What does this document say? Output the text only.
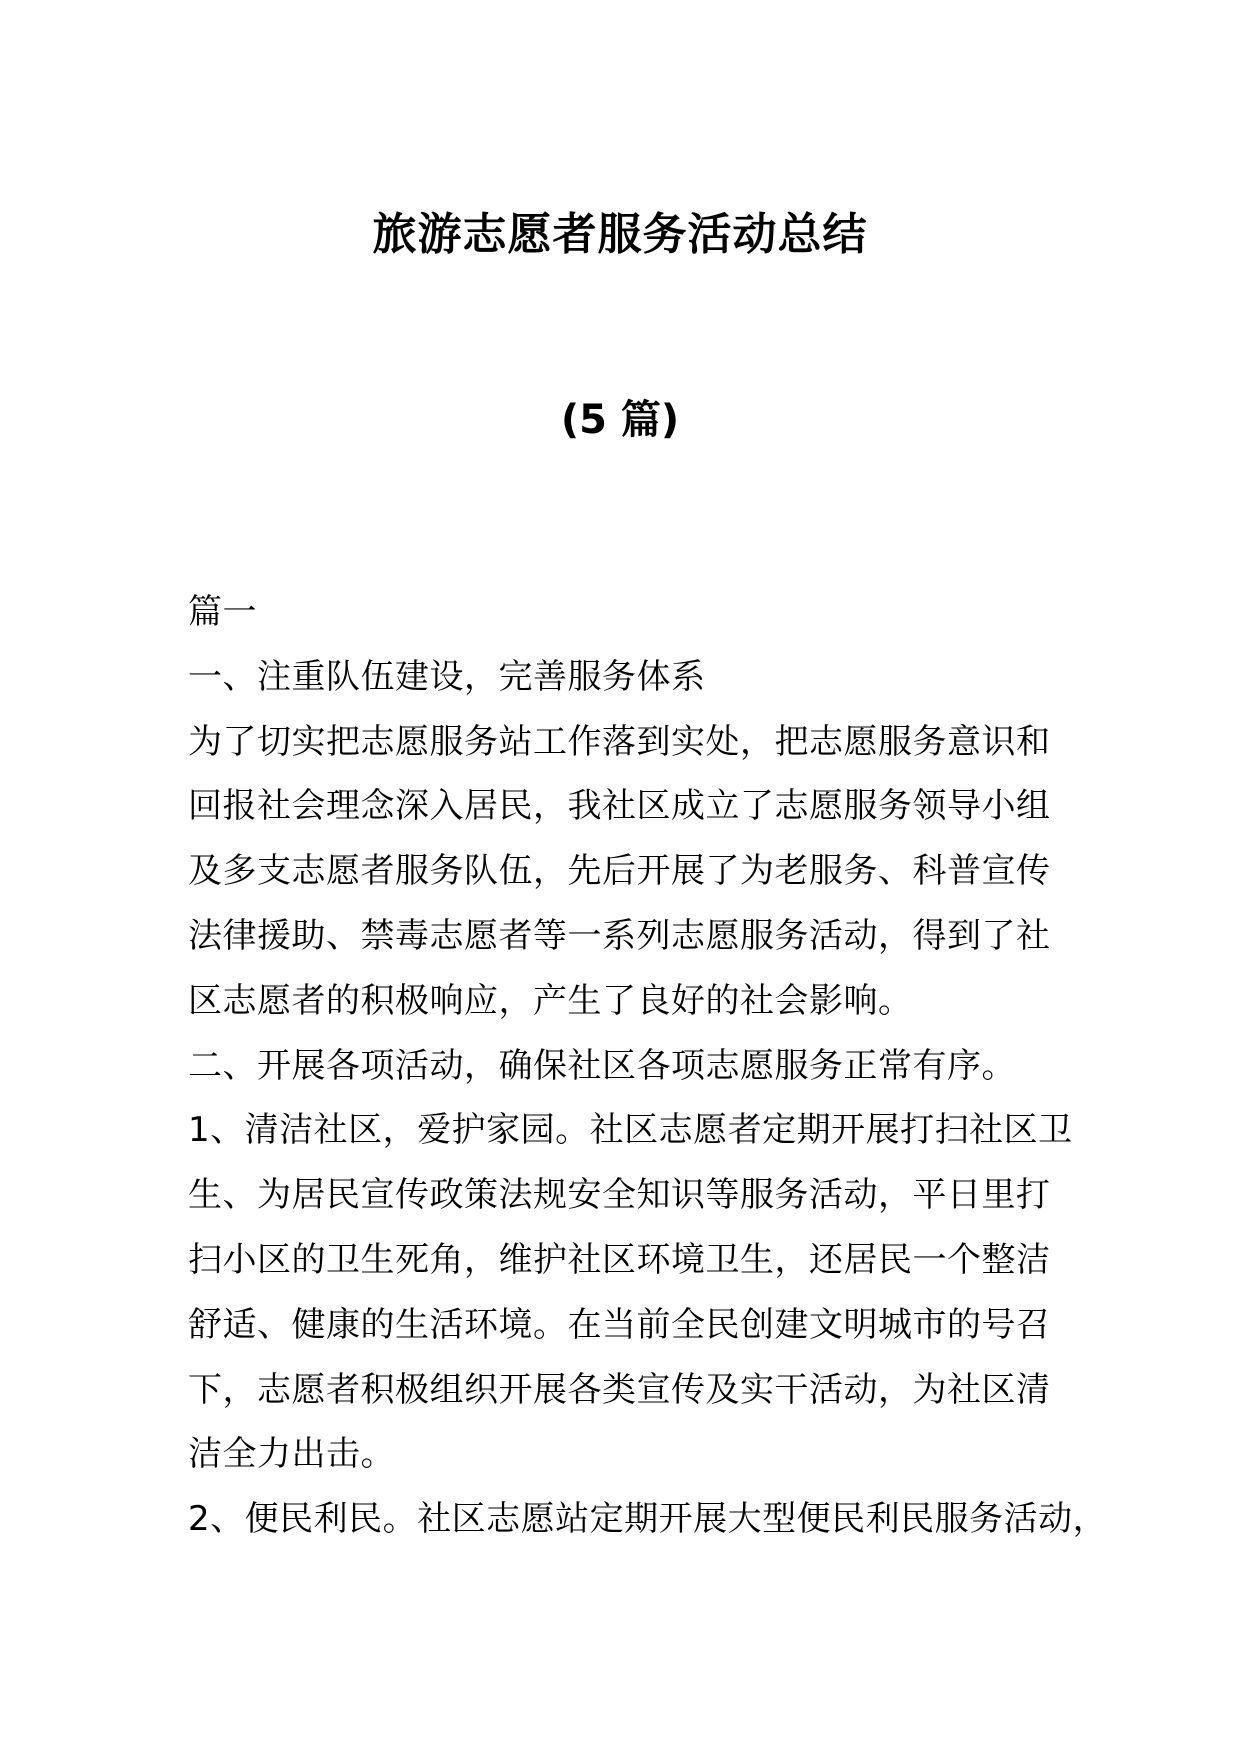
旅游志愿者服务活动总结
(5 篇)
篇一
一、注重队伍建设，完善服务体系
为了切实把志愿服务站工作落到实处，把志愿服务意识和
回报社会理念深入居民，我社区成立了志愿服务领导小组
及多支志愿者服务队伍，先后开展了为老服务、科普宣传
法律援助、禁毒志愿者等一系列志愿服务活动，得到了社
区志愿者的积极响应，产生了良好的社会影响。
二、开展各项活动，确保社区各项志愿服务正常有序。
1、清洁社区，爱护家园。社区志愿者定期开展打扫社区卫
生、为居民宣传政策法规安全知识等服务活动，平日里打
扫小区的卫生死角，维护社区环境卫生，还居民一个整洁
舒适、健康的生活环境。在当前全民创建文明城市的号召
下，志愿者积极组织开展各类宣传及实干活动，为社区清
洁全力出击。
2、便民利民。社区志愿站定期开展大型便民利民服务活动，
